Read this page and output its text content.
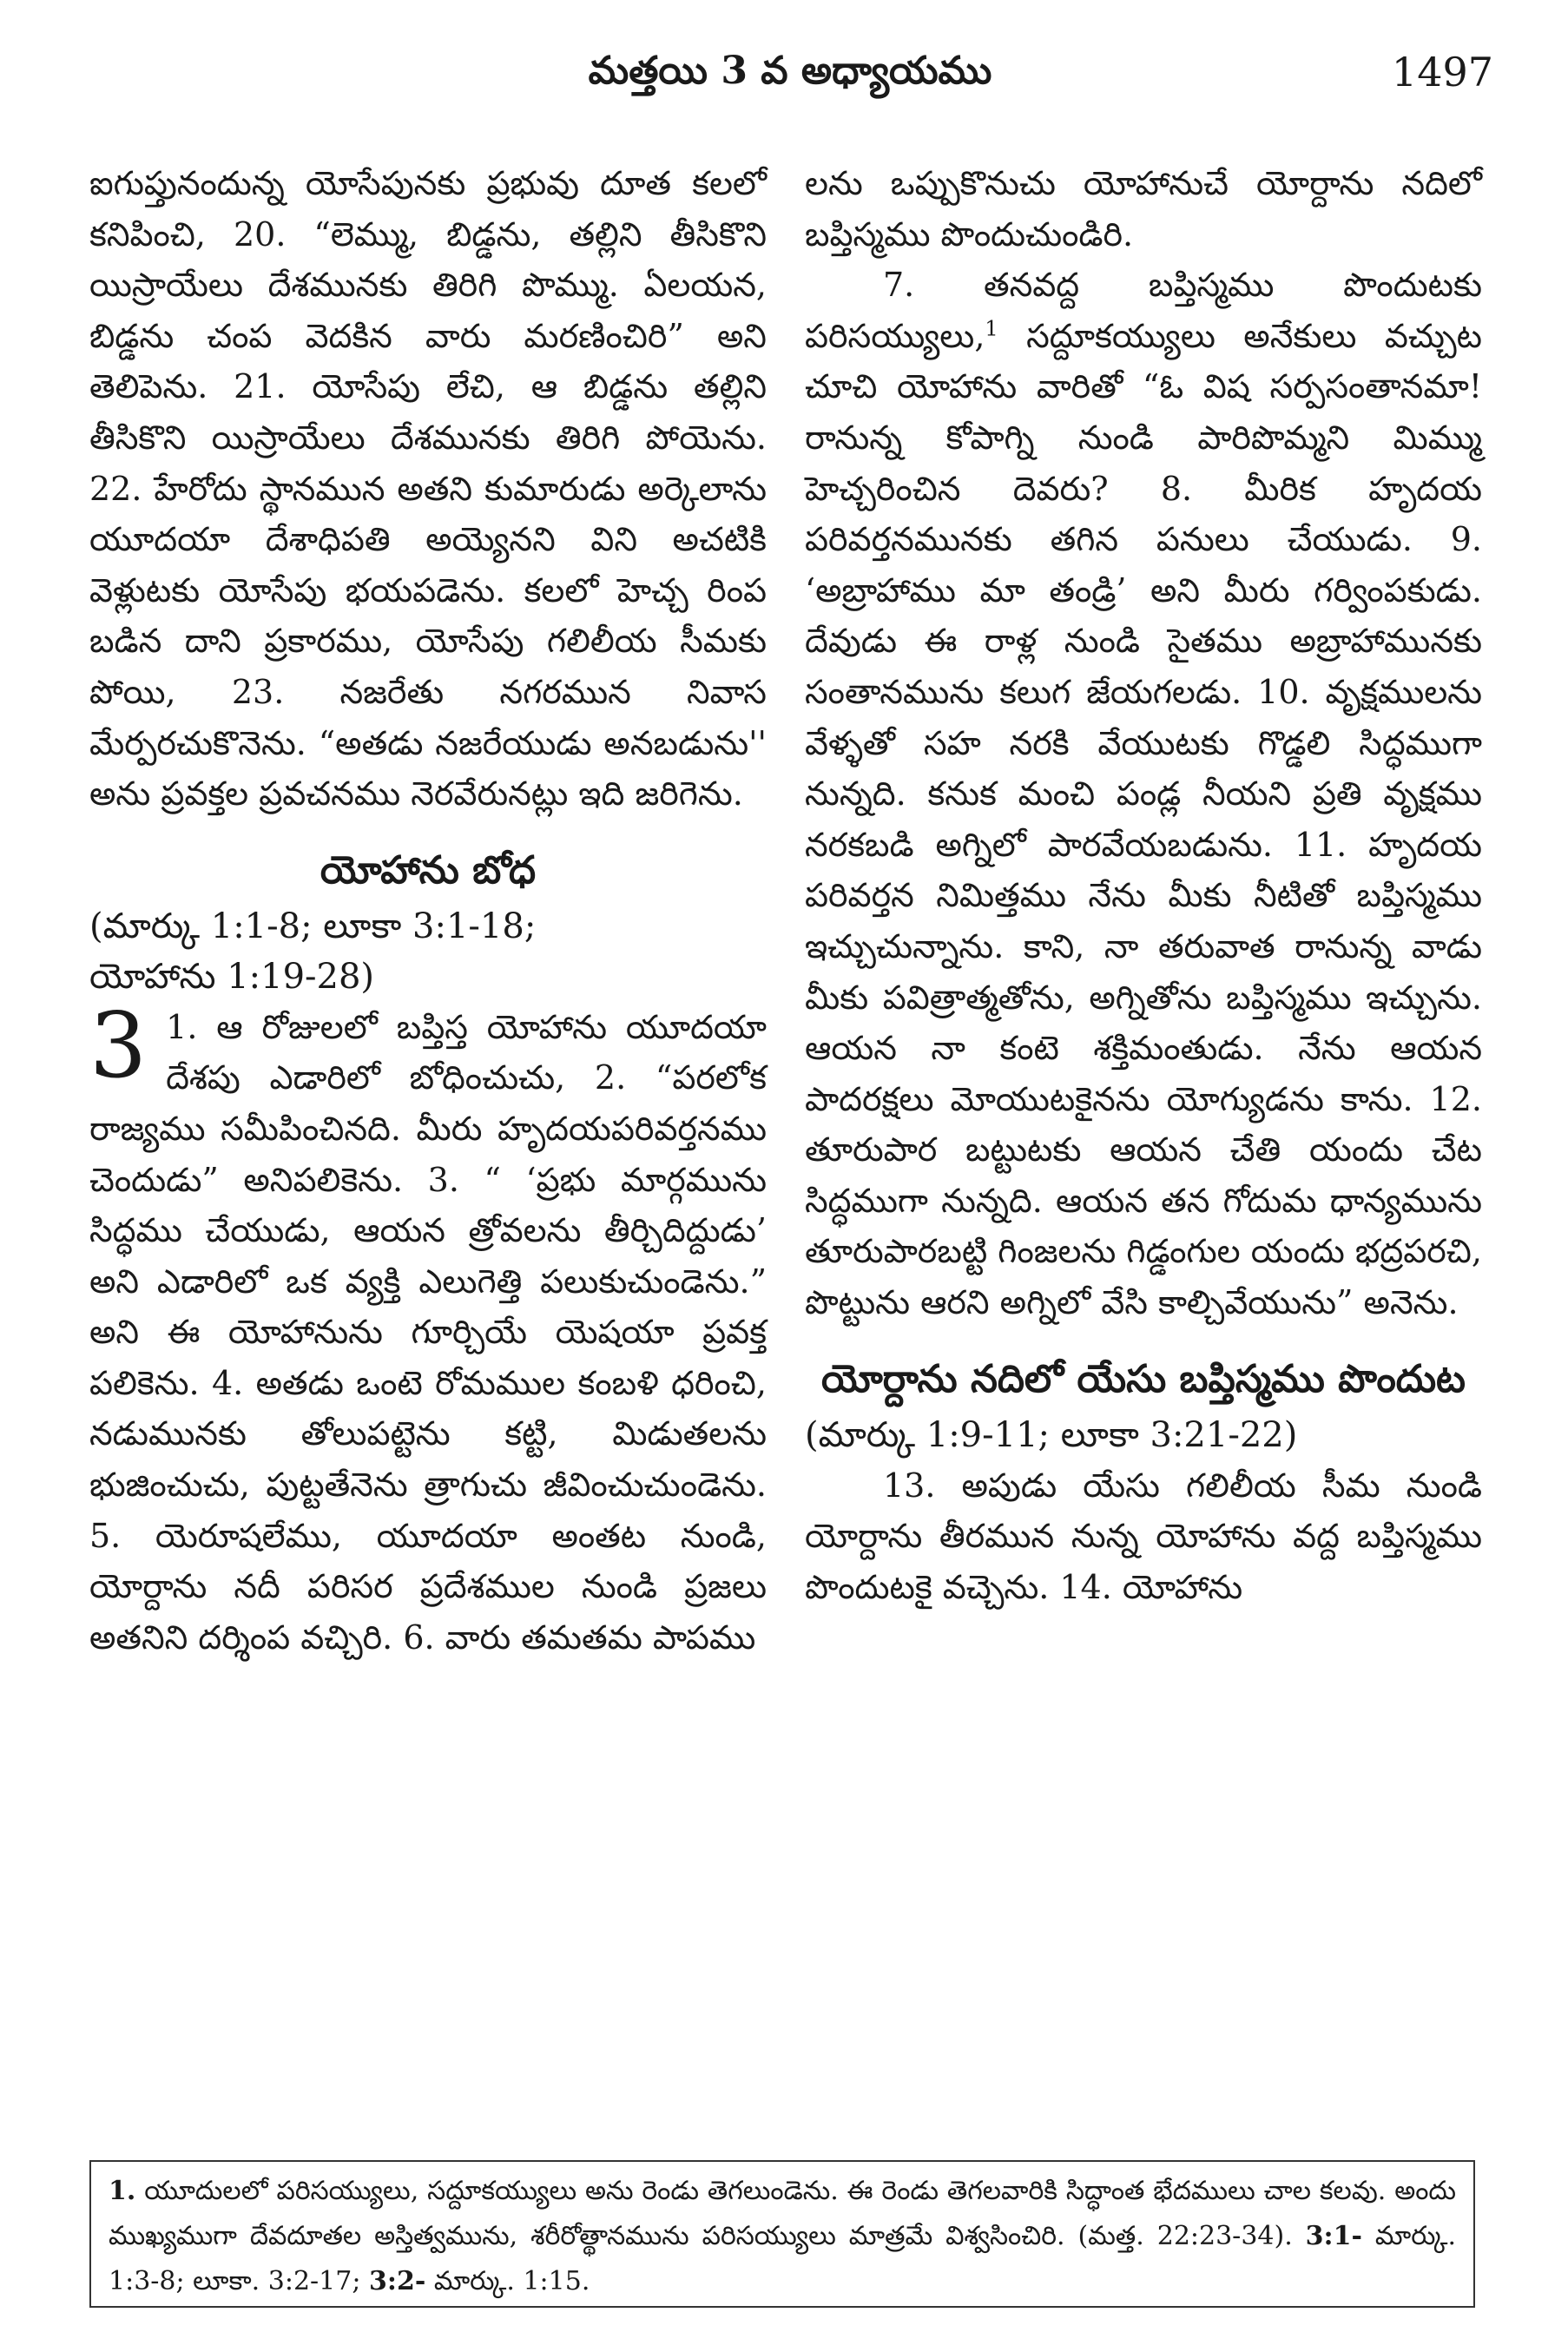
మత్తయి 3 వ అధ్యాయము	1497

ఐగుప్తునందున్న యోసేపునకు ప్రభువు దూత కలలో కనిపించి, 20. “లెమ్ము, బిడ్డను, తల్లిని తీసికొని యిస్రాయేలు దేశమునకు తిరిగి పొమ్ము. ఏలయన, బిడ్డను చంప వెదకిన వారు మరణించిరి” అని తెలిపెను. 21. యోసేపు లేచి, ఆ బిడ్డను తల్లిని తీసికొని యిస్రాయేలు దేశమునకు తిరిగి పోయెను. 22. హేరోదు స్థానమున అతని కుమారుడు అర్కెలాను యూదయా దేశాధిపతి అయ్యెనని విని అచటికి వెళ్లుటకు యోసేపు భయపడెను. కలలో హెచ్చ రింప బడిన దాని ప్రకారము, యోసేపు గలిలీయ సీమకు పోయి, 23. నజరేతు నగరమున నివాస మేర్పరచుకొనెను. “అతడు నజరేయుడు అనబడును'' అను ప్రవక్తల ప్రవచనము నెరవేరునట్లు ఇది జరిగెను.

యోహాను బోధ

(మార్కు 1:1-8; లూకా 3:1-18;

యోహాను 1:19-28)

3 1. ఆ రోజులలో బప్తిస్త యోహాను యూదయా దేశపు ఎడారిలో బోధించుచు, 2. “పరలోక రాజ్యము సమీపించినది. మీరు హృదయపరివర్తనము చెందుడు” అనిపలికెను. 3. “ ‘ప్రభు మార్గమును సిద్ధము చేయుడు, ఆయన త్రోవలను తీర్చిదిద్దుడు’ అని ఎడారిలో ఒక వ్యక్తి ఎలుగెత్తి పలుకుచుండెను.” అని ఈ యోహానును గూర్చియే యెషయా ప్రవక్త పలికెను. 4. అతడు ఒంటె రోమముల కంబళి ధరించి, నడుమునకు తోలుపట్టెను కట్టి, మిడుతలను భుజించుచు, పుట్టతేనెను త్రాగుచు జీవించుచుండెను. 5. యెరూషలేము, యూదయా అంతట నుండి, యోర్దాను నదీ పరిసర ప్రదేశముల నుండి ప్రజలు అతనిని దర్శింప వచ్చిరి. 6. వారు తమతమ పాపము

లను ఒప్పుకొనుచు యోహానుచే యోర్దాను నదిలో బప్తిస్మము పొందుచుండిరి.

7. తనవద్ద బప్తిస్మము పొందుటకు పరిసయ్యులు,$^1$ సద్దూకయ్యులు అనేకులు వచ్చుట చూచి యోహాను వారితో “ఓ విష సర్పసంతానమా! రానున్న కోపాగ్ని నుండి పారిపొమ్మని మిమ్ము హెచ్చరించిన దెవరు? 8. మీరిక హృదయ పరివర్తనమునకు తగిన పనులు చేయుడు. 9. ‘అబ్రాహాము మా తండ్రి’ అని మీరు గర్వింపకుడు. దేవుడు ఈ రాళ్ల నుండి సైతము అబ్రాహామునకు సంతానమును కలుగ జేయగలడు. 10. వృక్షములను వేళ్ళతో సహ నరకి వేయుటకు గొడ్డలి సిద్ధముగా నున్నది. కనుక మంచి పండ్ల నీయని ప్రతి వృక్షము నరకబడి అగ్నిలో పారవేయబడును. 11. హృదయ పరివర్తన నిమిత్తము నేను మీకు నీటితో బప్తిస్మము ఇచ్చుచున్నాను. కాని, నా తరువాత రానున్న వాడు మీకు పవిత్రాత్మతోను, అగ్నితోను బప్తిస్మము ఇచ్చును. ఆయన నా కంటె శక్తిమంతుడు. నేను ఆయన పాదరక్షలు మోయుటకైనను యోగ్యుడను కాను. 12. తూరుపార బట్టుటకు ఆయన చేతి యందు చేట సిద్ధముగా నున్నది. ఆయన తన గోదుమ ధాన్యమును తూరుపారబట్టి గింజలను గిడ్డంగుల యందు భద్రపరచి, పొట్టును ఆరని అగ్నిలో వేసి కాల్చివేయును” అనెను.

యోర్దాను నదిలో యేసు బప్తిస్మము పొందుట

(మార్కు 1:9-11; లూకా 3:21-22)

13. అపుడు యేసు గలిలీయ సీమ నుండి యోర్దాను తీరమున నున్న యోహాను వద్ద బప్తిస్మము పొందుటకై వచ్చెను. 14. యోహాను

1. యూదులలో పరిసయ్యులు, సద్దూకయ్యులు అను రెండు తెగలుండెను. ఈ రెండు తెగలవారికి సిద్ధాంత భేదములు చాల కలవు. అందు ముఖ్యముగా దేవదూతల అస్తిత్వమును, శరీరోత్థానమును పరిసయ్యులు మాత్రమే విశ్వసించిరి. (మత్త. 22:23-34). 3:1- మార్కు. 1:3-8; లూకా. 3:2-17; 3:2- మార్కు. 1:15.
